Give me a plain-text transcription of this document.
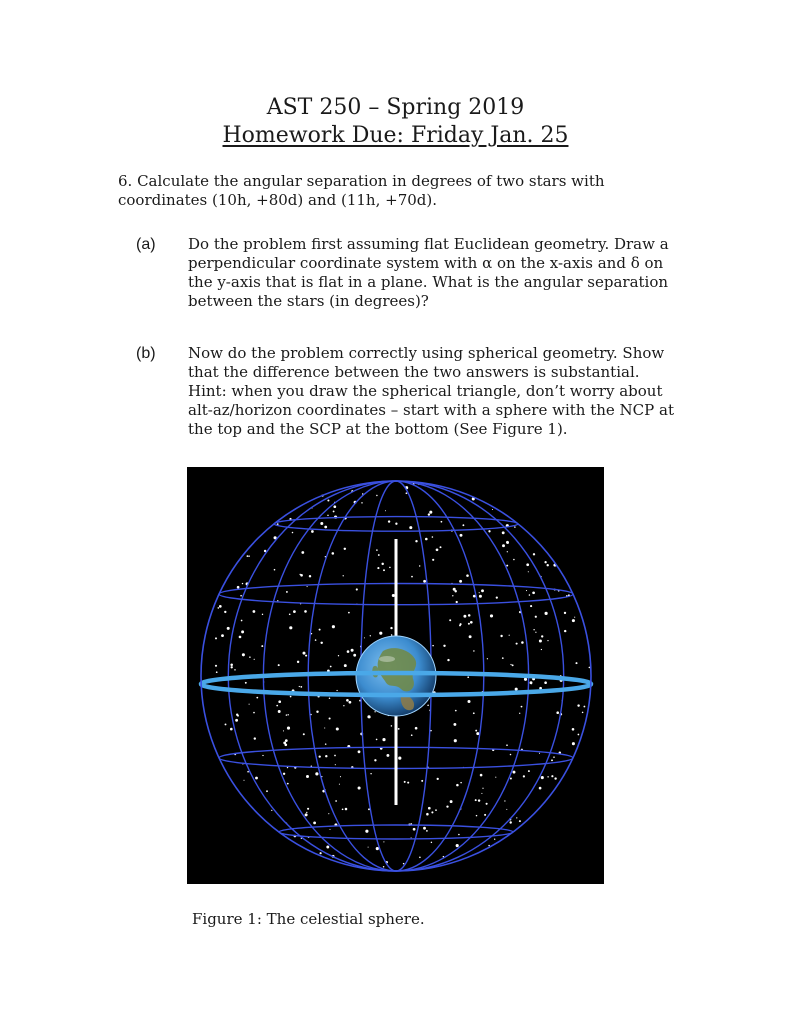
AST 250 – Spring 2019
Homework Due: Friday Jan. 25
6. Calculate the angular separation in degrees of two stars with coordinates (10h, +80d) and (11h, +70d).
(a) Do the problem first assuming flat Euclidean geometry. Draw a perpendicular coordinate system with α on the x-axis and δ on the y-axis that is flat in a plane. What is the angular separation between the stars (in degrees)?
(b) Now do the problem correctly using spherical geometry. Show that the difference between the two answers is substantial. Hint: when you draw the spherical triangle, don’t worry about alt-az/horizon coordinates – start with a sphere with the NCP at the top and the SCP at the bottom (See Figure 1).
Figure 1: The celestial sphere.
